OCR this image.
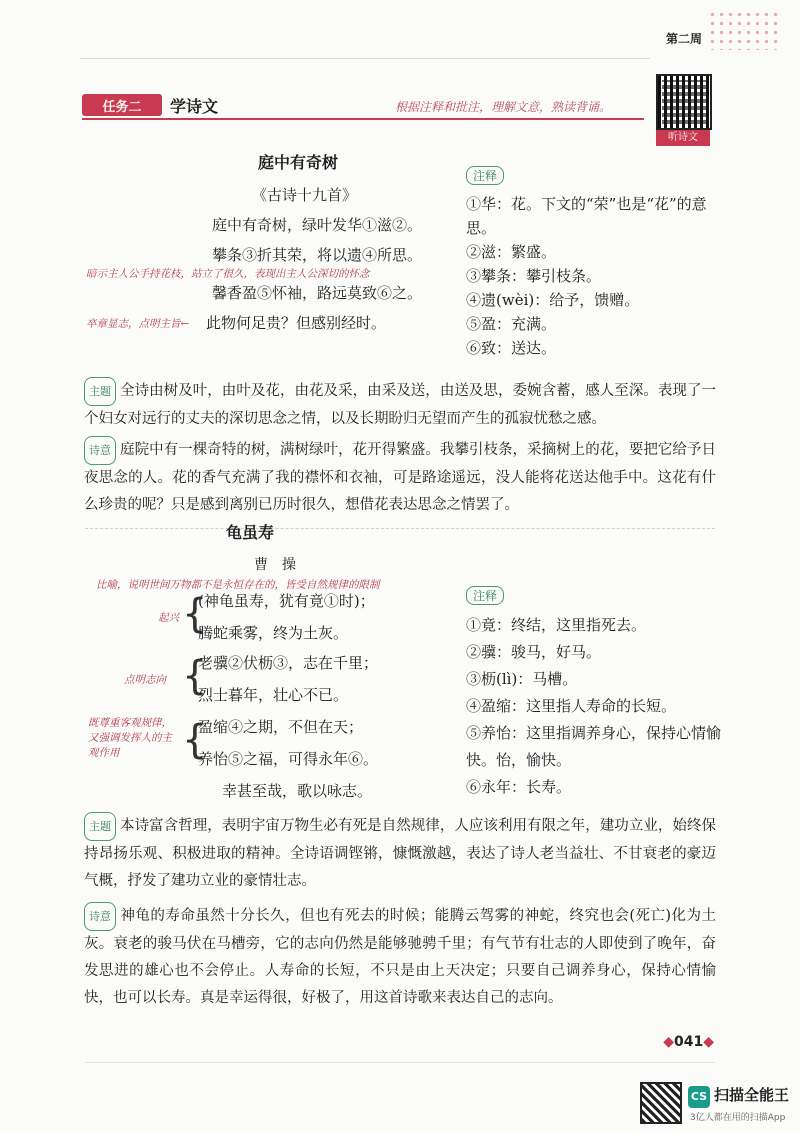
第二周
任务二	学诗文	根据注释和批注，理解文意，熟读背诵。
听诗文
庭中有奇树
《古诗十九首》
庭中有奇树，绿叶发华①滋②。
攀条③折其荣，将以遗④所思。
暗示主人公手持花枝，站立了很久，表现出主人公深切的怀念
馨香盈⑤怀袖，路远莫致⑥之。
卒章显志，点明主旨← 此物何足贵？但感别经时。
注释
①华：花。下文的“荣”也是“花”的意思。
②滋：繁盛。
③攀条：攀引枝条。
④遗(wèi)：给予，馈赠。
⑤盈：充满。
⑥致：送达。
主题 全诗由树及叶，由叶及花，由花及采，由采及送，由送及思，委婉含蓄，感人至深。表现了一个妇女对远行的丈夫的深切思念之情，以及长期盼归无望而产生的孤寂忧愁之感。
诗意 庭院中有一棵奇特的树，满树绿叶，花开得繁盛。我攀引枝条，采摘树上的花，要把它给予日夜思念的人。花的香气充满了我的襟怀和衣袖，可是路途遥远，没人能将花送达他手中。这花有什么珍贵的呢？只是感到离别已历时很久，想借花表达思念之情罢了。
龟虽寿
曹　操
比喻，说明世间万物都不是永恒存在的，皆受自然规律的限制
(神龟虽寿，犹有竟①时)；
起兴 {
腾蛇乘雾，终为土灰。
老骥②伏枥③，志在千里；
点明志向 {
烈士暮年，壮心不已。
既尊重客观规律，又强调发挥人的主观作用	{
盈缩④之期，不但在天；
养怡⑤之福，可得永年⑥。
幸甚至哉，歌以咏志。
注释
①竟：终结，这里指死去。
②骥：骏马，好马。
③枥(lì)：马槽。
④盈缩：这里指人寿命的长短。
⑤养怡：这里指调养身心，保持心情愉快。怡，愉快。
⑥永年：长寿。
主题 本诗富含哲理，表明宇宙万物生必有死是自然规律，人应该利用有限之年，建功立业，始终保持昂扬乐观、积极进取的精神。全诗语调铿锵，慷慨激越，表达了诗人老当益壮、不甘衰老的豪迈气概，抒发了建功立业的豪情壮志。
诗意 神龟的寿命虽然十分长久，但也有死去的时候；能腾云驾雾的神蛇，终究也会(死亡)化为土灰。衰老的骏马伏在马槽旁，它的志向仍然是能够驰骋千里；有气节有壮志的人即使到了晚年，奋发思进的雄心也不会停止。人寿命的长短，不只是由上天决定；只要自己调养身心，保持心情愉快，也可以长寿。真是幸运得很，好极了，用这首诗歌来表达自己的志向。
◆041◆
CS 扫描全能王
3亿人都在用的扫描App
